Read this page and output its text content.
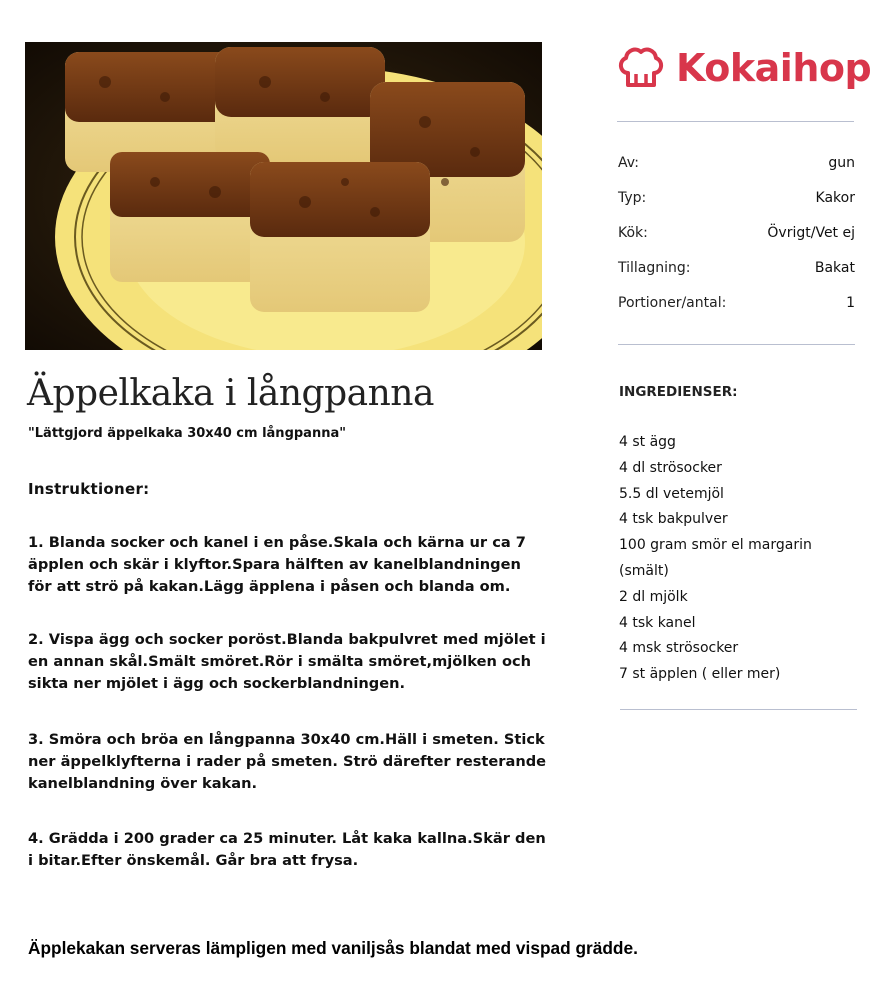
Kokaihop
Av:	gun
Typ:	Kakor
Kök:	Övrigt/Vet ej
Tillagning:	Bakat
Portioner/antal:	1
INGREDIENSER:
4 st ägg
4 dl strösocker
5.5 dl vetemjöl
4 tsk bakpulver
100 gram smör el margarin
(smält)
2 dl mjölk
4 tsk kanel
4 msk strösocker
7 st äpplen ( eller mer)
Äppelkaka i långpanna
"Lättgjord äppelkaka 30x40 cm långpanna"
Instruktioner:
1. Blanda socker och kanel i en påse.Skala och kärna ur ca 7 äpplen och skär i klyftor.Spara hälften av kanelblandningen för att strö på kakan.Lägg äpplena i påsen och blanda om.
2. Vispa ägg och socker poröst.Blanda bakpulvret med mjölet i en annan skål.Smält smöret.Rör i smälta smöret,mjölken och sikta ner mjölet i ägg och sockerblandningen.
3. Smöra och bröa en långpanna 30x40 cm.Häll i smeten. Stick ner äppelklyfterna i rader på smeten. Strö därefter resterande kanelblandning över kakan.
4. Grädda i 200 grader ca 25 minuter. Låt kaka kallna.Skär den i bitar.Efter önskemål. Går bra att frysa.
Äpplekakan serveras lämpligen med vaniljsås blandat med vispad grädde.
